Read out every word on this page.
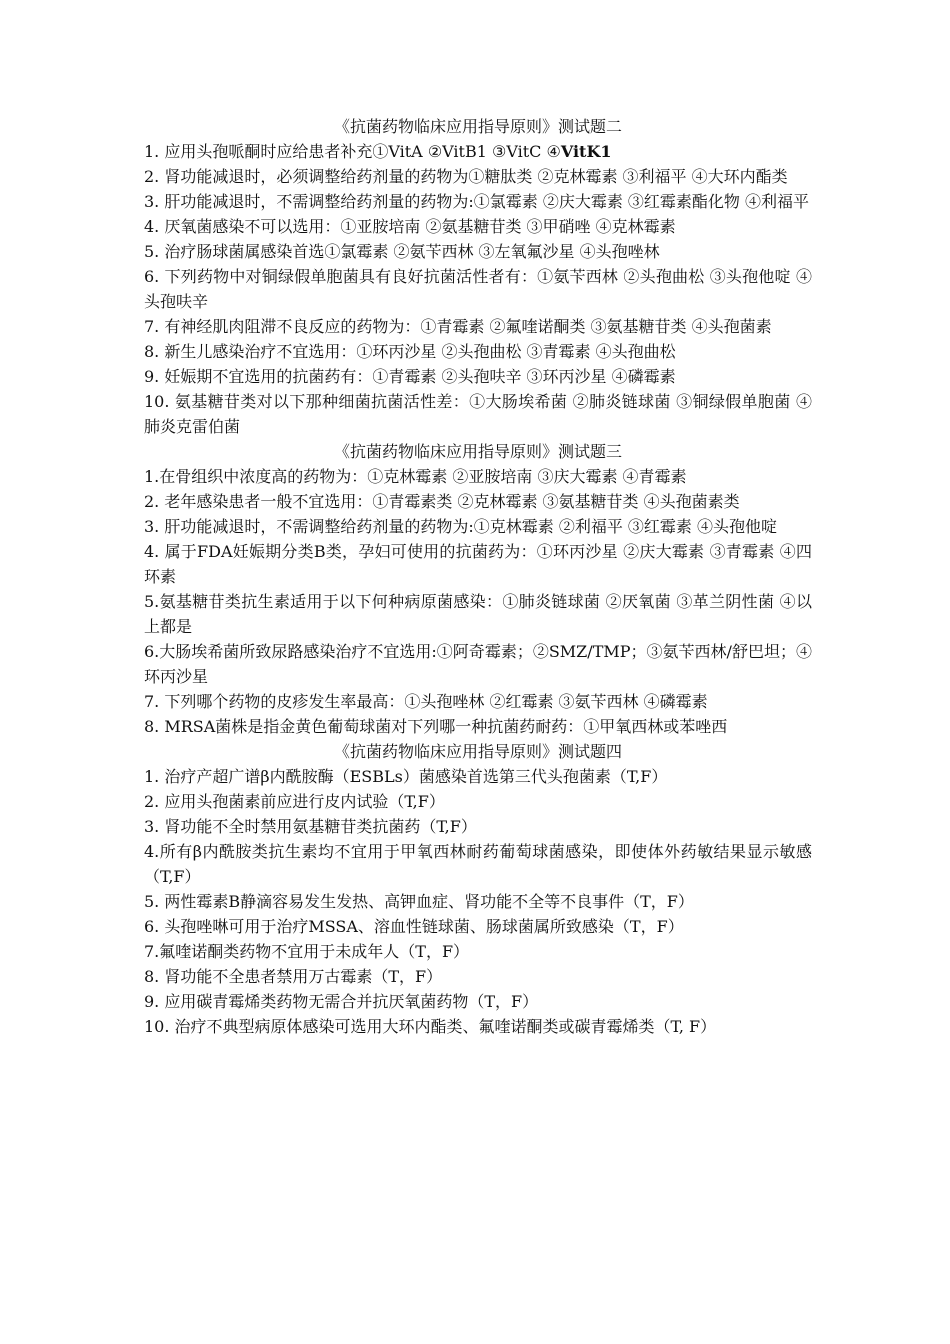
《抗菌药物临床应用指导原则》测试题二
1. 应用头孢哌酮时应给患者补充①VitA ②VitB1 ③VitC ④VitK1
2. 肾功能减退时，必须调整给药剂量的药物为①糖肽类 ②克林霉素 ③利福平 ④大环内酯类
3. 肝功能减退时，不需调整给药剂量的药物为:①氯霉素 ②庆大霉素 ③红霉素酯化物 ④利福平
4. 厌氧菌感染不可以选用：①亚胺培南 ②氨基糖苷类 ③甲硝唑 ④克林霉素
5. 治疗肠球菌属感染首选①氯霉素 ②氨苄西林 ③左氧氟沙星 ④头孢唑林
6. 下列药物中对铜绿假单胞菌具有良好抗菌活性者有：①氨苄西林 ②头孢曲松 ③头孢他啶 ④头孢呋辛
7. 有神经肌肉阻滞不良反应的药物为：①青霉素 ②氟喹诺酮类 ③氨基糖苷类 ④头孢菌素
8. 新生儿感染治疗不宜选用：①环丙沙星 ②头孢曲松 ③青霉素 ④头孢曲松
9. 妊娠期不宜选用的抗菌药有：①青霉素 ②头孢呋辛 ③环丙沙星 ④磷霉素
10. 氨基糖苷类对以下那种细菌抗菌活性差：①大肠埃希菌 ②肺炎链球菌 ③铜绿假单胞菌 ④肺炎克雷伯菌
《抗菌药物临床应用指导原则》测试题三
1.在骨组织中浓度高的药物为：①克林霉素 ②亚胺培南 ③庆大霉素 ④青霉素
2. 老年感染患者一般不宜选用：①青霉素类 ②克林霉素 ③氨基糖苷类 ④头孢菌素类
3. 肝功能减退时，不需调整给药剂量的药物为:①克林霉素 ②利福平 ③红霉素 ④头孢他啶
4. 属于FDA妊娠期分类B类，孕妇可使用的抗菌药为：①环丙沙星 ②庆大霉素 ③青霉素 ④四环素
5.氨基糖苷类抗生素适用于以下何种病原菌感染：①肺炎链球菌 ②厌氧菌 ③革兰阴性菌 ④以上都是
6.大肠埃希菌所致尿路感染治疗不宜选用:①阿奇霉素；②SMZ/TMP；③氨苄西林/舒巴坦；④环丙沙星
7. 下列哪个药物的皮疹发生率最高：①头孢唑林 ②红霉素 ③氨苄西林 ④磷霉素
8. MRSA菌株是指金黄色葡萄球菌对下列哪一种抗菌药耐药：①甲氧西林或苯唑西
《抗菌药物临床应用指导原则》测试题四
1. 治疗产超广谱β内酰胺酶（ESBLs）菌感染首选第三代头孢菌素（T,F）
2. 应用头孢菌素前应进行皮内试验（T,F）
3. 肾功能不全时禁用氨基糖苷类抗菌药（T,F）
4.所有β内酰胺类抗生素均不宜用于甲氧西林耐药葡萄球菌感染，即使体外药敏结果显示敏感（T,F）
5. 两性霉素B静滴容易发生发热、高钾血症、肾功能不全等不良事件（T，F）
6. 头孢唑啉可用于治疗MSSA、溶血性链球菌、肠球菌属所致感染（T，F）
7.氟喹诺酮类药物不宜用于未成年人（T，F）
8. 肾功能不全患者禁用万古霉素（T，F）
9. 应用碳青霉烯类药物无需合并抗厌氧菌药物（T，F）
10. 治疗不典型病原体感染可选用大环内酯类、氟喹诺酮类或碳青霉烯类（T, F）
